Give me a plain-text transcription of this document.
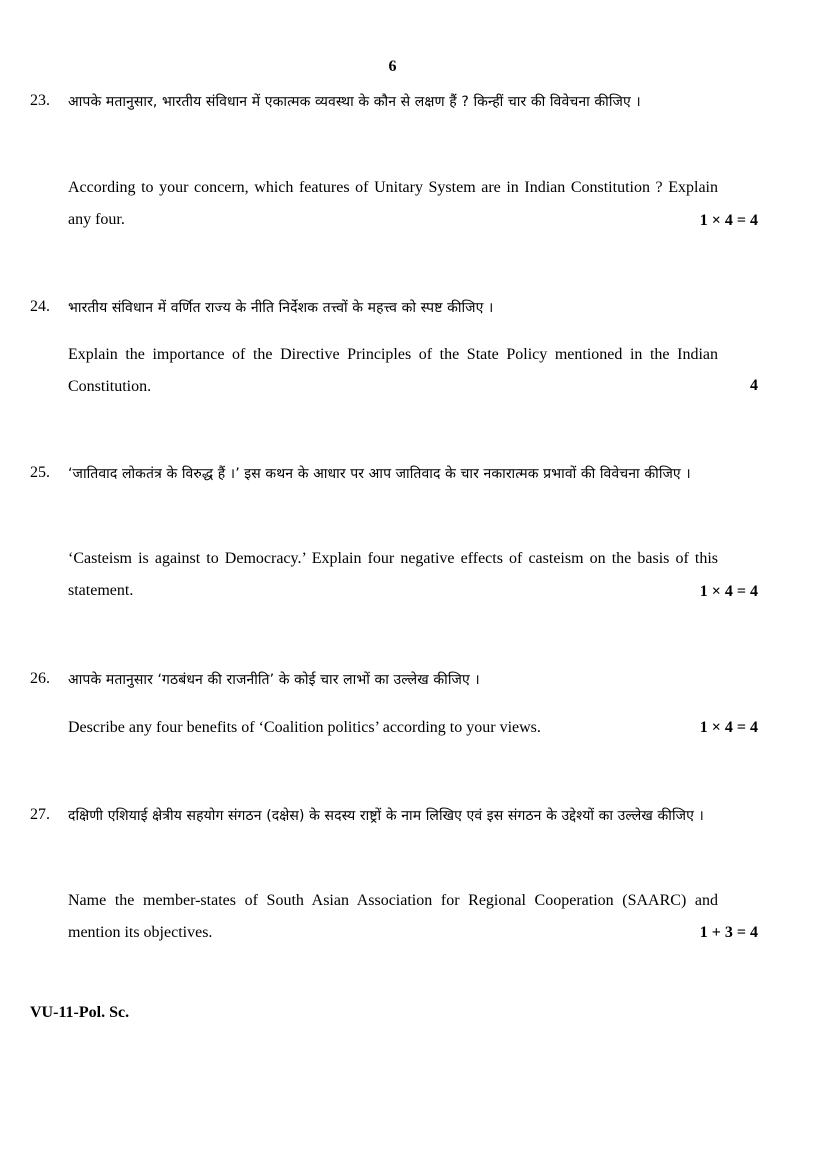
6
23. आपके मतानुसार, भारतीय संविधान में एकात्मक व्यवस्था के कौन से लक्षण हैं ? किन्हीं चार की विवेचना कीजिए ।
According to your concern, which features of Unitary System are in Indian Constitution ? Explain any four.	1 × 4 = 4
24. भारतीय संविधान में वर्णित राज्य के नीति निर्देशक तत्त्वों के महत्त्व को स्पष्ट कीजिए ।
Explain the importance of the Directive Principles of the State Policy mentioned in the Indian Constitution.	4
25. ‘जातिवाद लोकतंत्र के विरुद्ध हैं ।’ इस कथन के आधार पर आप जातिवाद के चार नकारात्मक प्रभावों की विवेचना कीजिए ।
‘Casteism is against to Democracy.’ Explain four negative effects of casteism on the basis of this statement.	1 × 4 = 4
26. आपके मतानुसार ‘गठबंधन की राजनीति’ के कोई चार लाभों का उल्लेख कीजिए ।
Describe any four benefits of ‘Coalition politics’ according to your views.	1 × 4 = 4
27. दक्षिणी एशियाई क्षेत्रीय सहयोग संगठन (दक्षेस) के सदस्य राष्ट्रों के नाम लिखिए एवं इस संगठन के उद्देश्यों का उल्लेख कीजिए ।
Name the member-states of South Asian Association for Regional Cooperation (SAARC) and mention its objectives.	1 + 3 = 4
VU-11-Pol. Sc.
